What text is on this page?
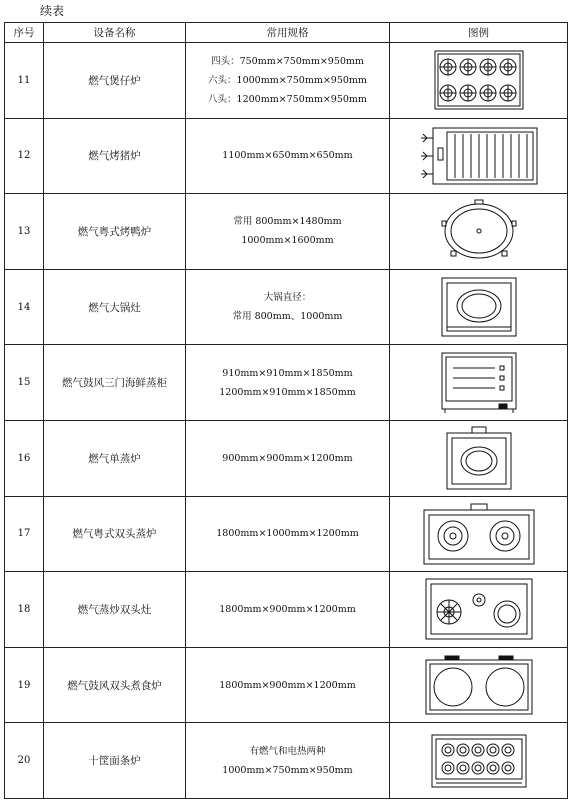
续表
序号	设备名称	常用规格	图例
11	燃气煲仔炉	四头：750mm×750mm×950mm
六头：1000mm×750mm×950mm
八头：1200mm×750mm×950mm

12	燃气烤猪炉	1100mm×650mm×650mm

13	燃气粤式烤鸭炉	常用 800mm×1480mm
1000mm×1600mm

14	燃气大锅灶	大锅直径：
常用 800mm、1000mm

15	燃气鼓风三门海鲜蒸柜	910mm×910mm×1850mm
1200mm×910mm×1850mm

16	燃气单蒸炉	900mm×900mm×1200mm

17	燃气粤式双头蒸炉	1800mm×1000mm×1200mm

18	燃气蒸炒双头灶	1800mm×900mm×1200mm

19	燃气鼓风双头煮食炉	1800mm×900mm×1200mm

20	十筐面条炉	有燃气和电热两种
1000mm×750mm×950mm
